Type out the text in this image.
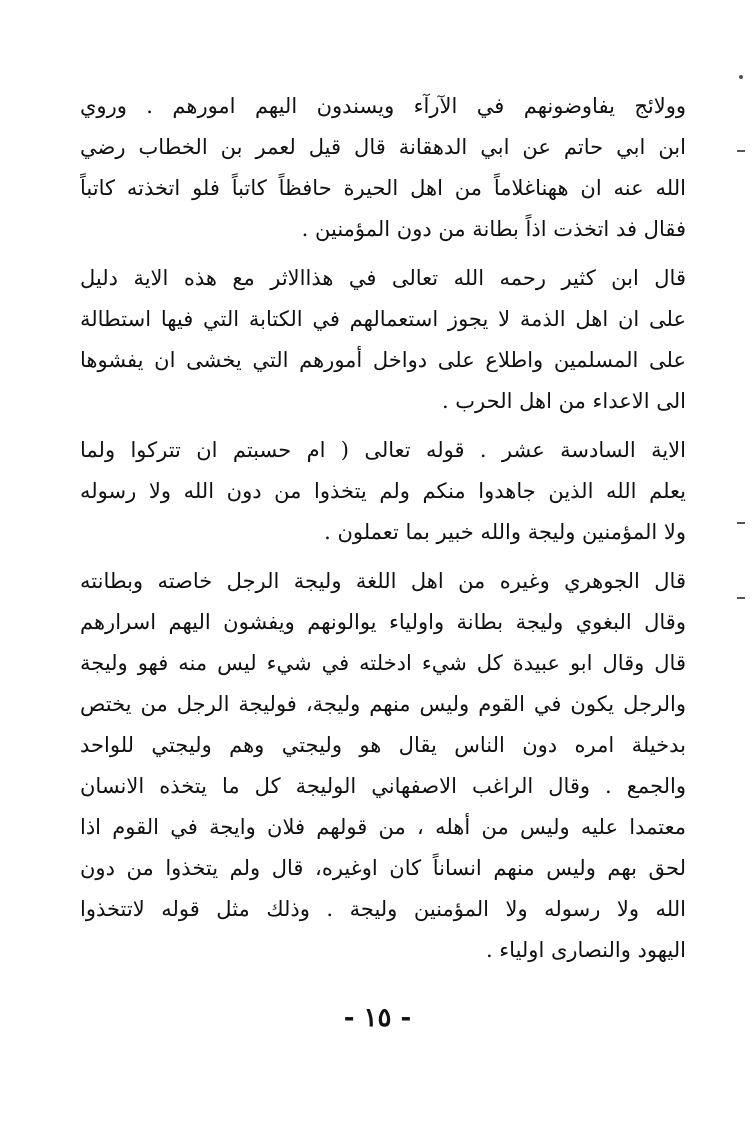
وولائج يفاوضونهم في الآرآء ويسندون اليهم امورهم . وروي
ابن ابي حاتم عن ابي الدهقانة قال قيل لعمر بن الخطاب رضي
الله عنه ان ههناغلاماً من اهل الحيرة حافظاً كاتباً فلو اتخذته كاتباً
فقال فد اتخذت اذاً بطانة من دون المؤمنين .
قال ابن كثير رحمه الله تعالى في هذاالاثر مع هذه الاية دليل
على ان اهل الذمة لا يجوز استعمالهم في الكتابة التي فيها استطالة
على المسلمين واطلاع على دواخل أمورهم التي يخشى ان يفشوها
الى الاعداء من اهل الحرب .
الاية السادسة عشر . قوله تعالى ( ام حسبتم ان تتركوا ولما
يعلم الله الذين جاهدوا منكم ولم يتخذوا من دون الله ولا رسوله
ولا المؤمنين وليجة والله خبير بما تعملون .
قال الجوهري وغيره من اهل اللغة وليجة الرجل خاصته وبطانته
وقال البغوي وليجة بطانة واولياء يوالونهم ويفشون اليهم اسرارهم
قال وقال ابو عبيدة كل شيء ادخلته في شيء ليس منه فهو وليجة
والرجل يكون في القوم وليس منهم وليجة، فوليجة الرجل من يختص
بدخيلة امره دون الناس يقال هو وليجتي وهم وليجتي للواحد
والجمع . وقال الراغب الاصفهاني الوليجة كل ما يتخذه الانسان
معتمدا عليه وليس من أهله ، من قولهم فلان وايجة في القوم اذا
لحق بهم وليس منهم انساناً كان اوغيره، قال ولم يتخذوا من دون
الله ولا رسوله ولا المؤمنين وليجة . وذلك مثل قوله لاتتخذوا
اليهود والنصارى اولياء .
- ١٥ -
